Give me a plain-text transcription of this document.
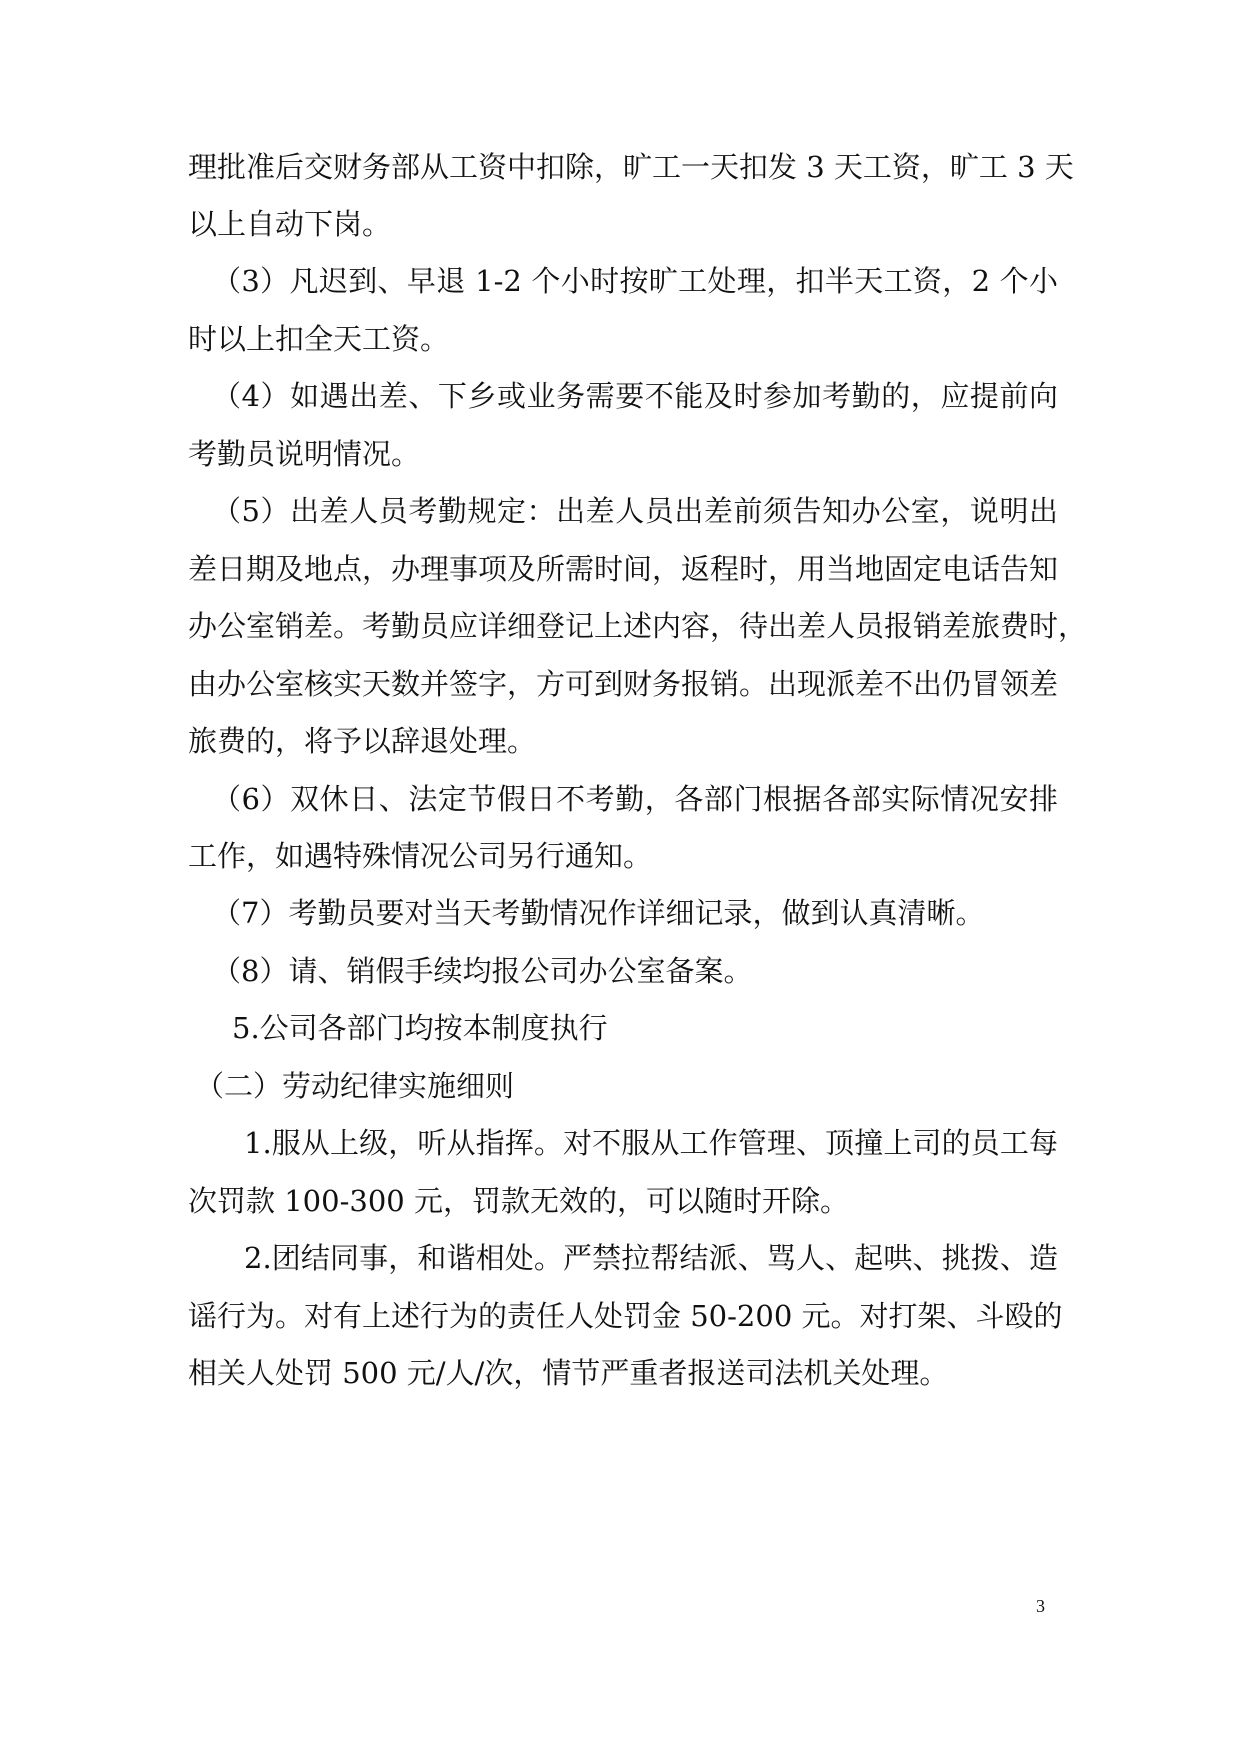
理批准后交财务部从工资中扣除，旷工一天扣发 3 天工资，旷工 3 天
以上自动下岗。
（3）凡迟到、早退 1-2 个小时按旷工处理，扣半天工资，2 个小
时以上扣全天工资。
（4）如遇出差、下乡或业务需要不能及时参加考勤的，应提前向
考勤员说明情况。
（5）出差人员考勤规定：出差人员出差前须告知办公室，说明出
差日期及地点，办理事项及所需时间，返程时，用当地固定电话告知
办公室销差。考勤员应详细登记上述内容，待出差人员报销差旅费时，
由办公室核实天数并签字，方可到财务报销。出现派差不出仍冒领差
旅费的，将予以辞退处理。
（6）双休日、法定节假日不考勤，各部门根据各部实际情况安排
工作，如遇特殊情况公司另行通知。
（7）考勤员要对当天考勤情况作详细记录，做到认真清晰。
（8）请、销假手续均报公司办公室备案。
5.公司各部门均按本制度执行
（二）劳动纪律实施细则
1.服从上级，听从指挥。对不服从工作管理、顶撞上司的员工每
次罚款 100-300 元，罚款无效的，可以随时开除。
2.团结同事，和谐相处。严禁拉帮结派、骂人、起哄、挑拨、造
谣行为。对有上述行为的责任人处罚金 50-200 元。对打架、斗殴的
相关人处罚 500 元/人/次，情节严重者报送司法机关处理。
3
